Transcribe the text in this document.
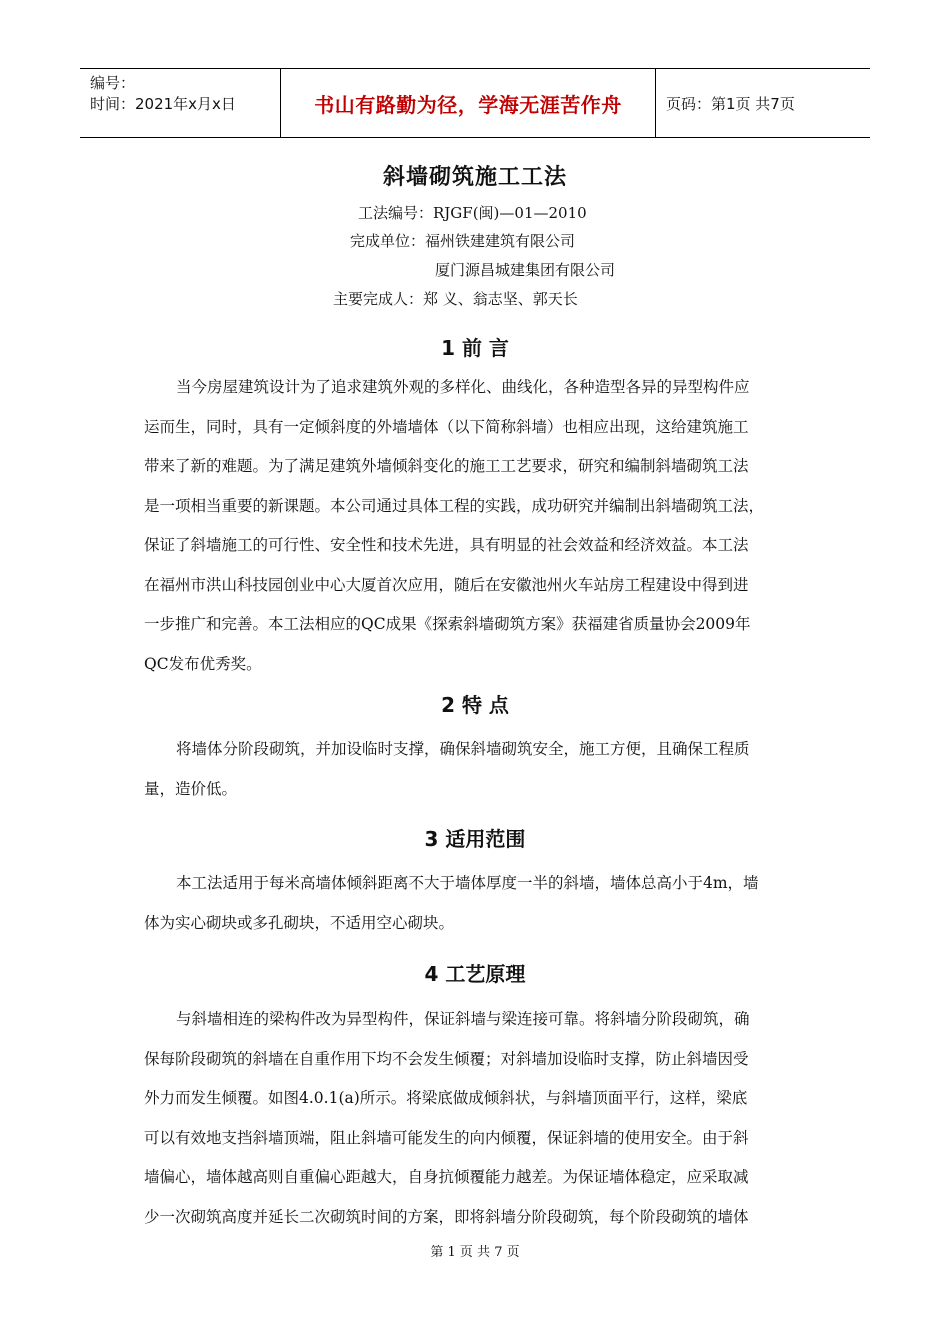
编号：
时间：2021年x月x日	书山有路勤为径，学海无涯苦作舟	页码：第1页 共7页
斜墙砌筑施工工法
工法编号：RJGF(闽)—01—2010
完成单位：福州铁建建筑有限公司
厦门源昌城建集团有限公司
主要完成人：郑 义、翁志坚、郭天长
1 前 言
当今房屋建筑设计为了追求建筑外观的多样化、曲线化，各种造型各异的异型构件应
运而生，同时，具有一定倾斜度的外墙墙体（以下简称斜墙）也相应出现，这给建筑施工
带来了新的难题。为了满足建筑外墙倾斜变化的施工工艺要求，研究和编制斜墙砌筑工法
是一项相当重要的新课题。本公司通过具体工程的实践，成功研究并编制出斜墙砌筑工法，
保证了斜墙施工的可行性、安全性和技术先进，具有明显的社会效益和经济效益。本工法
在福州市洪山科技园创业中心大厦首次应用，随后在安徽池州火车站房工程建设中得到进
一步推广和完善。本工法相应的QC成果《探索斜墙砌筑方案》获福建省质量协会2009年
QC发布优秀奖。
2 特 点
将墙体分阶段砌筑，并加设临时支撑，确保斜墙砌筑安全，施工方便，且确保工程质
量，造价低。
3 适用范围
本工法适用于每米高墙体倾斜距离不大于墙体厚度一半的斜墙，墙体总高小于4m，墙
体为实心砌块或多孔砌块，不适用空心砌块。
4 工艺原理
与斜墙相连的梁构件改为异型构件，保证斜墙与梁连接可靠。将斜墙分阶段砌筑，确
保每阶段砌筑的斜墙在自重作用下均不会发生倾覆；对斜墙加设临时支撑，防止斜墙因受
外力而发生倾覆。如图4.0.1(a)所示。将梁底做成倾斜状，与斜墙顶面平行，这样，梁底
可以有效地支挡斜墙顶端，阻止斜墙可能发生的向内倾覆，保证斜墙的使用安全。由于斜
墙偏心，墙体越高则自重偏心距越大，自身抗倾覆能力越差。为保证墙体稳定，应采取减
少一次砌筑高度并延长二次砌筑时间的方案，即将斜墙分阶段砌筑，每个阶段砌筑的墙体
第 1 页 共 7 页
